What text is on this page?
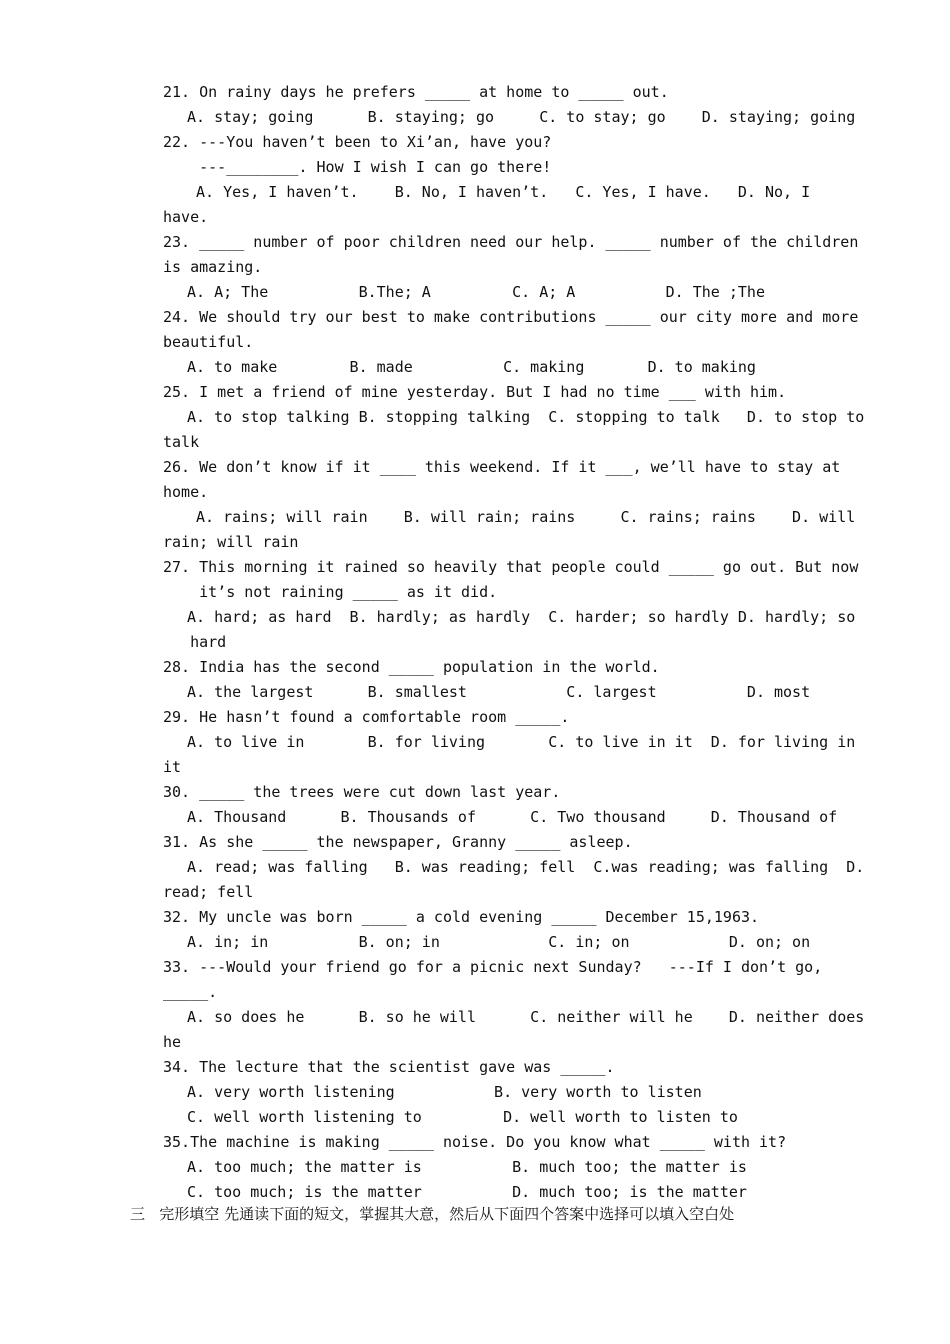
21. On rainy days he prefers _____ at home to _____ out.
A. stay; going      B. staying; go     C. to stay; go    D. staying; going
22. ---You haven’t been to Xi’an, have you?
---________. How I wish I can go there!
A. Yes, I haven’t.    B. No, I haven’t.   C. Yes, I have.   D. No, I
have.
23. _____ number of poor children need our help. _____ number of the children
is amazing.
A. A; The          B.The; A         C. A; A          D. The ;The
24. We should try our best to make contributions _____ our city more and more
beautiful.
A. to make        B. made          C. making       D. to making
25. I met a friend of mine yesterday. But I had no time ___ with him.
A. to stop talking B. stopping talking  C. stopping to talk   D. to stop to
talk
26. We don’t know if it ____ this weekend. If it ___, we’ll have to stay at
home.
A. rains; will rain    B. will rain; rains     C. rains; rains    D. will
rain; will rain
27. This morning it rained so heavily that people could _____ go out. But now
it’s not raining _____ as it did.
A. hard; as hard  B. hardly; as hardly  C. harder; so hardly D. hardly; so
hard
28. India has the second _____ population in the world.
A. the largest      B. smallest           C. largest          D. most
29. He hasn’t found a comfortable room _____.
A. to live in       B. for living       C. to live in it  D. for living in
it
30. _____ the trees were cut down last year.
A. Thousand      B. Thousands of      C. Two thousand     D. Thousand of
31. As she _____ the newspaper, Granny _____ asleep.
A. read; was falling   B. was reading; fell  C.was reading; was falling  D.
read; fell
32. My uncle was born _____ a cold evening _____ December 15,1963.
A. in; in          B. on; in            C. in; on           D. on; on
33. ---Would your friend go for a picnic next Sunday?   ---If I don’t go,
_____.
A. so does he      B. so he will      C. neither will he    D. neither does
he
34. The lecture that the scientist gave was _____.
A. very worth listening           B. very worth to listen
C. well worth listening to         D. well worth to listen to
35.The machine is making _____ noise. Do you know what _____ with it?
A. too much; the matter is          B. much too; the matter is
C. too much; is the matter          D. much too; is the matter
三   完形填空 先通读下面的短文，掌握其大意，然后从下面四个答案中选择可以填入空白处
